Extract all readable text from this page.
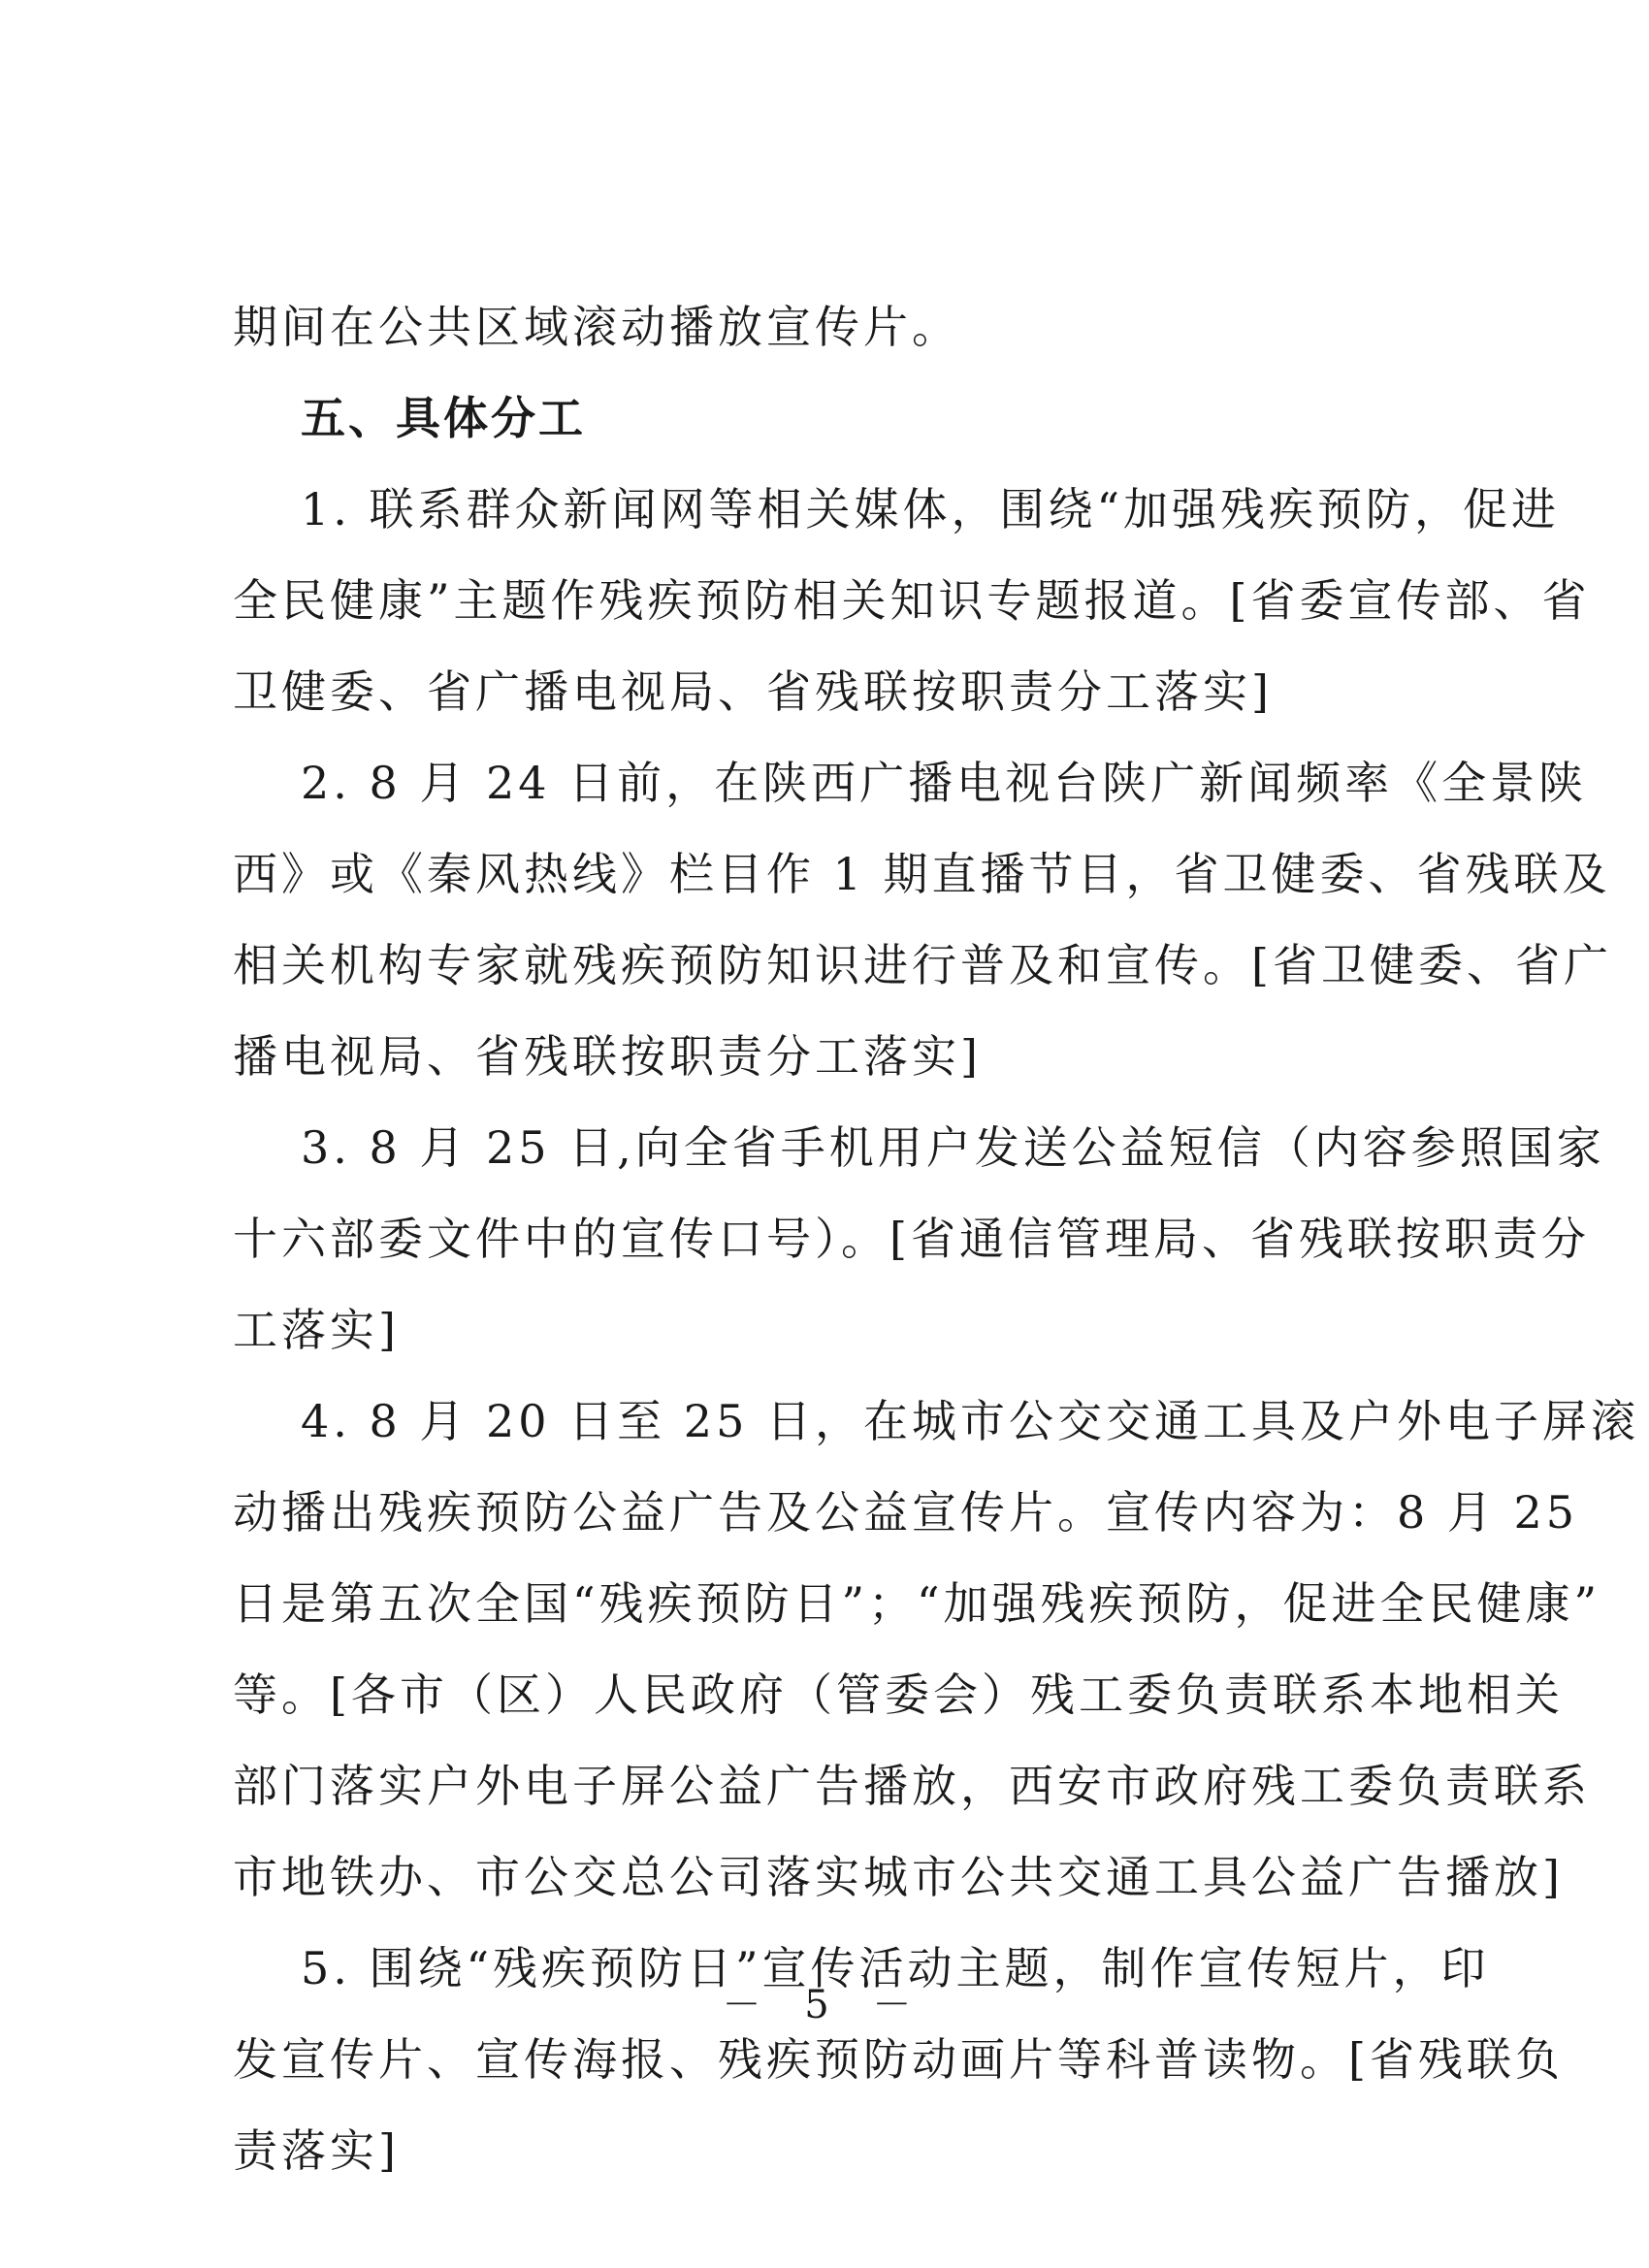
期间在公共区域滚动播放宣传片。
五、具体分工
1. 联系群众新闻网等相关媒体，围绕“加强残疾预防，促进
全民健康”主题作残疾预防相关知识专题报道。[省委宣传部、省
卫健委、省广播电视局、省残联按职责分工落实]
2. 8 月 24 日前，在陕西广播电视台陕广新闻频率《全景陕
西》或《秦风热线》栏目作 1 期直播节目，省卫健委、省残联及
相关机构专家就残疾预防知识进行普及和宣传。[省卫健委、省广
播电视局、省残联按职责分工落实]
3. 8 月 25 日,向全省手机用户发送公益短信（内容参照国家
十六部委文件中的宣传口号）。[省通信管理局、省残联按职责分
工落实]
4. 8 月 20 日至 25 日，在城市公交交通工具及户外电子屏滚
动播出残疾预防公益广告及公益宣传片。宣传内容为：8 月 25
日是第五次全国“残疾预防日”；“加强残疾预防，促进全民健康”
等。[各市（区）人民政府（管委会）残工委负责联系本地相关
部门落实户外电子屏公益广告播放，西安市政府残工委负责联系
市地铁办、市公交总公司落实城市公共交通工具公益广告播放]
5. 围绕“残疾预防日”宣传活动主题，制作宣传短片，印
发宣传片、宣传海报、残疾预防动画片等科普读物。[省残联负
责落实]
－ 5 －
